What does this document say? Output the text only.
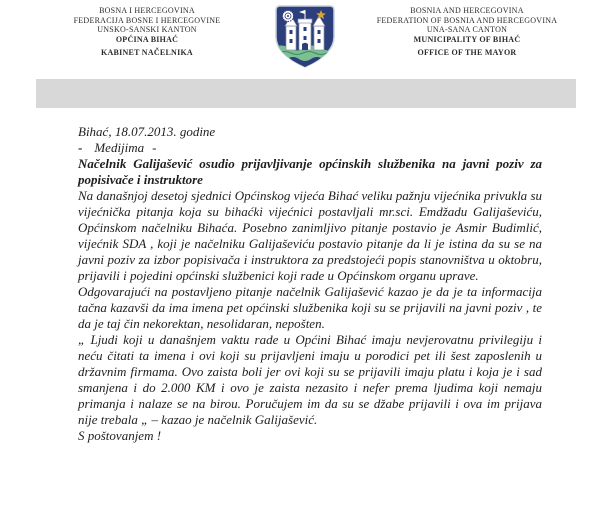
BOSNA I HERCEGOVINA
FEDERACIJA BOSNE I HERCEGOVINE
UNSKO-SANSKI KANTON
OPĆINA BIHAĆ
KABINET NAČELNIKA
BOSNIA AND HERCEGOVINA
FEDERATION OF BOSNIA AND HERCEGOVINA
UNA-SANA CANTON
MUNICIPALITY OF BIHAĆ
OFFICE OF THE MAYOR

Bihać, 18.07.2013. godine

- Medijima -

Načelnik Galijašević osudio prijavljivanje općinskih službenika na javni poziv za popisivače i instruktore

Na današnjoj desetoj sjednici Općinskog vijeća Bihać veliku pažnju vijećnika privukla su vijećnička pitanja koja su bihaćki vijećnici postavljali mr.sci. Emdžadu Galijaševiću, Općinskom načelniku Bihaća. Posebno zanimljivo pitanje postavio je Asmir Budimlić, vijećnik SDA , koji je načelniku Galijaševiću postavio pitanje da li je istina da su se na javni poziv za izbor popisivača i instruktora za predstojeći popis stanovništva u oktobru, prijavili i pojedini općinski službenici koji rade u Općinskom organu uprave.

Odgovarajući na postavljeno pitanje načelnik Galijašević kazao je da je ta informacija tačna kazavši da ima imena pet općinski službenika koji su se prijavili na javni poziv , te da je taj čin nekorektan, nesolidaran, nepošten.

„ Ljudi koji u današnjem vaktu rade u Općini Bihać imaju nevjerovatnu privilegiju i neću čitati ta imena i ovi koji su prijavljeni imaju u porodici pet ili šest zaposlenih u državnim firmama. Ovo zaista boli jer ovi koji su se prijavili imaju platu i koja je i sad smanjena i do 2.000 KM i ovo je zaista nezasito i nefer prema ljudima koji nemaju primanja i nalaze se na birou. Poručujem im da su se džabe prijavili i ova im prijava nije trebala „ – kazao je načelnik Galijašević.

S poštovanjem !
